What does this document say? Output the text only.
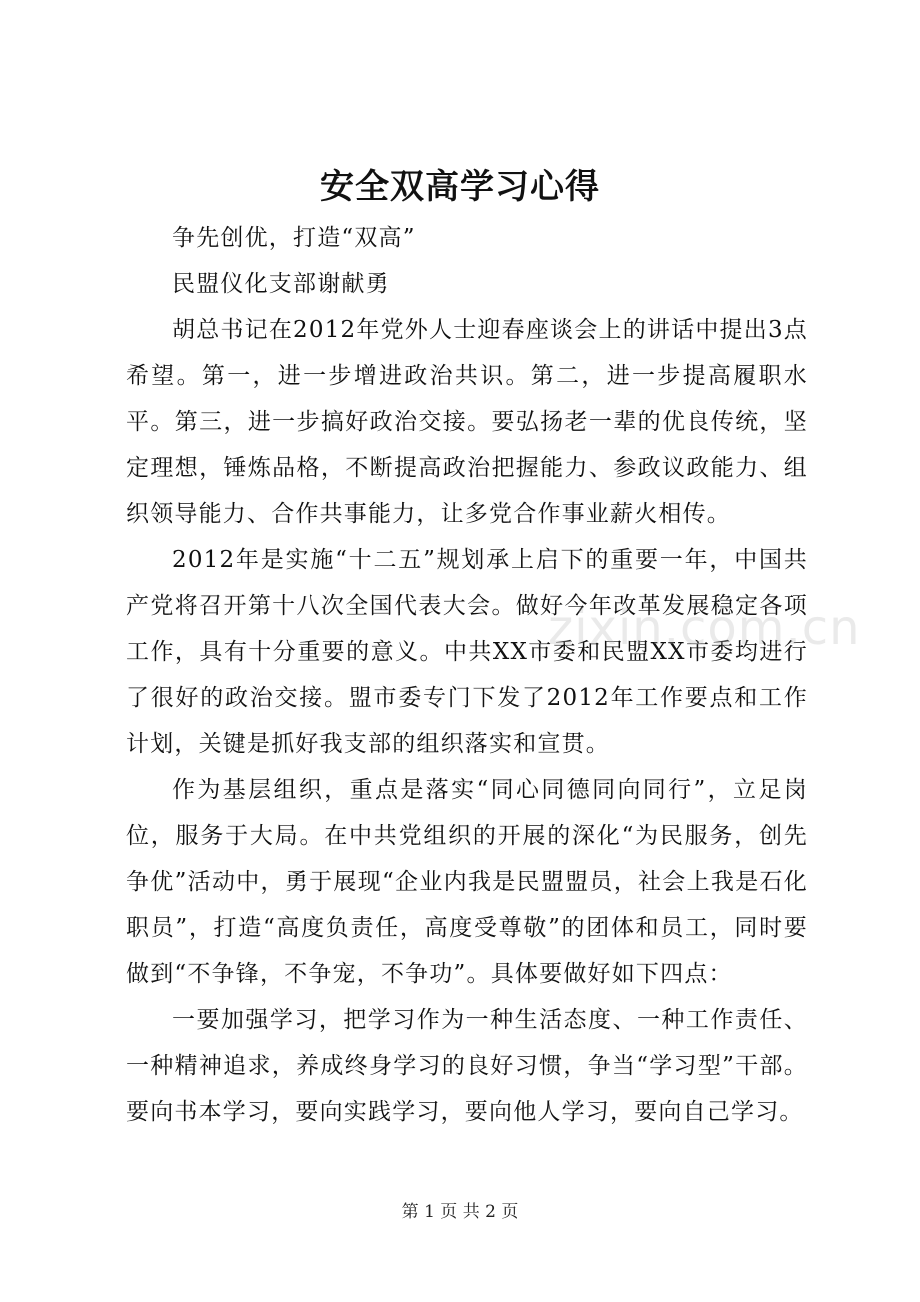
安全双高学习心得

争先创优，打造“双高”

民盟仪化支部谢献勇

胡总书记在2012年党外人士迎春座谈会上的讲话中提出3点希望。第一，进一步增进政治共识。第二，进一步提高履职水平。第三，进一步搞好政治交接。要弘扬老一辈的优良传统，坚定理想，锤炼品格，不断提高政治把握能力、参政议政能力、组织领导能力、合作共事能力，让多党合作事业薪火相传。

2012年是实施“十二五”规划承上启下的重要一年，中国共产党将召开第十八次全国代表大会。做好今年改革发展稳定各项工作，具有十分重要的意义。中共XX市委和民盟XX市委均进行了很好的政治交接。盟市委专门下发了2012年工作要点和工作计划，关键是抓好我支部的组织落实和宣贯。

作为基层组织，重点是落实“同心同德同向同行”，立足岗位，服务于大局。在中共党组织的开展的深化“为民服务，创先争优”活动中，勇于展现“企业内我是民盟盟员，社会上我是石化职员”，打造“高度负责任，高度受尊敬”的团体和员工，同时要做到“不争锋，不争宠，不争功”。具体要做好如下四点：

一要加强学习，把学习作为一种生活态度、一种工作责任、一种精神追求，养成终身学习的良好习惯，争当“学习型”干部。要向书本学习，要向实践学习，要向他人学习，要向自己学习。

zixin.com.cn
第 1 页 共 2 页
